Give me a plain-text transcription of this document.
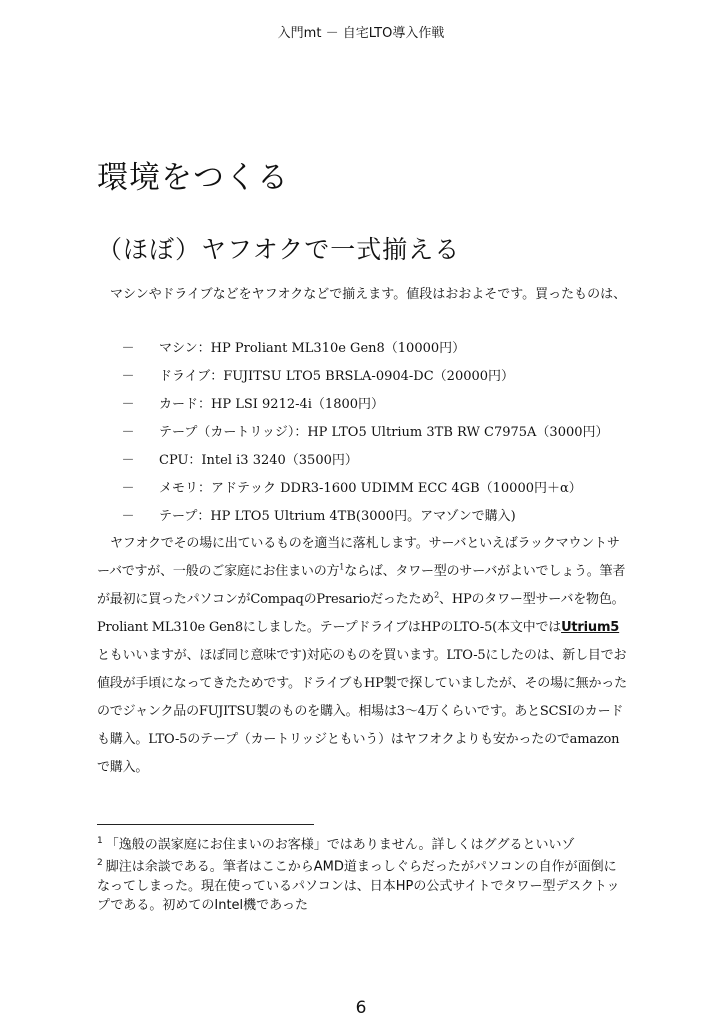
入門mt － 自宅LTO導入作戦
環境をつくる
（ほぼ）ヤフオクで一式揃える

マシンやドライブなどをヤフオクなどで揃えます。値段はおおよそです。買ったものは、

－ マシン：HP Proliant ML310e Gen8（10000円）
－ ドライブ：FUJITSU LTO5 BRSLA-0904-DC（20000円）
－ カード：HP LSI 9212-4i（1800円）
－ テープ（カートリッジ）：HP LTO5 Ultrium 3TB RW C7975A（3000円）
－ CPU：Intel i3 3240（3500円）
－ メモリ：アドテック DDR3-1600 UDIMM ECC 4GB（10000円＋α）
－ テープ：HP LTO5 Ultrium 4TB(3000円。アマゾンで購入)

ヤフオクでその場に出ているものを適当に落札します。サーバといえばラックマウントサーバですが、一般のご家庭にお住まいの方$^1$ならば、タワー型のサーバがよいでしょう。筆者が最初に買ったパソコンがCompaqのPresarioだったため$^2$、HPのタワー型サーバを物色。Proliant ML310e Gen8にしました。テープドライブはHPのLTO-5(本文中ではUtrium5ともいいますが、ほぼ同じ意味です)対応のものを買います。LTO-5にしたのは、新し目でお値段が手頃になってきたためです。ドライブもHP製で探していましたが、その場に無かったのでジャンク品のFUJITSU製のものを購入。相場は3～4万くらいです。あとSCSIのカードも購入。LTO-5のテープ（カートリッジともいう）はヤフオクよりも安かったのでamazonで購入。

$^1$ 「逸般の誤家庭にお住まいのお客様」ではありません。詳しくはググるといいゾ

$^2$ 脚注は余談である。筆者はここからAMD道まっしぐらだったがパソコンの自作が面倒になってしまった。現在使っているパソコンは、日本HPの公式サイトでタワー型デスクトップである。初めてのIntel機であった

6
